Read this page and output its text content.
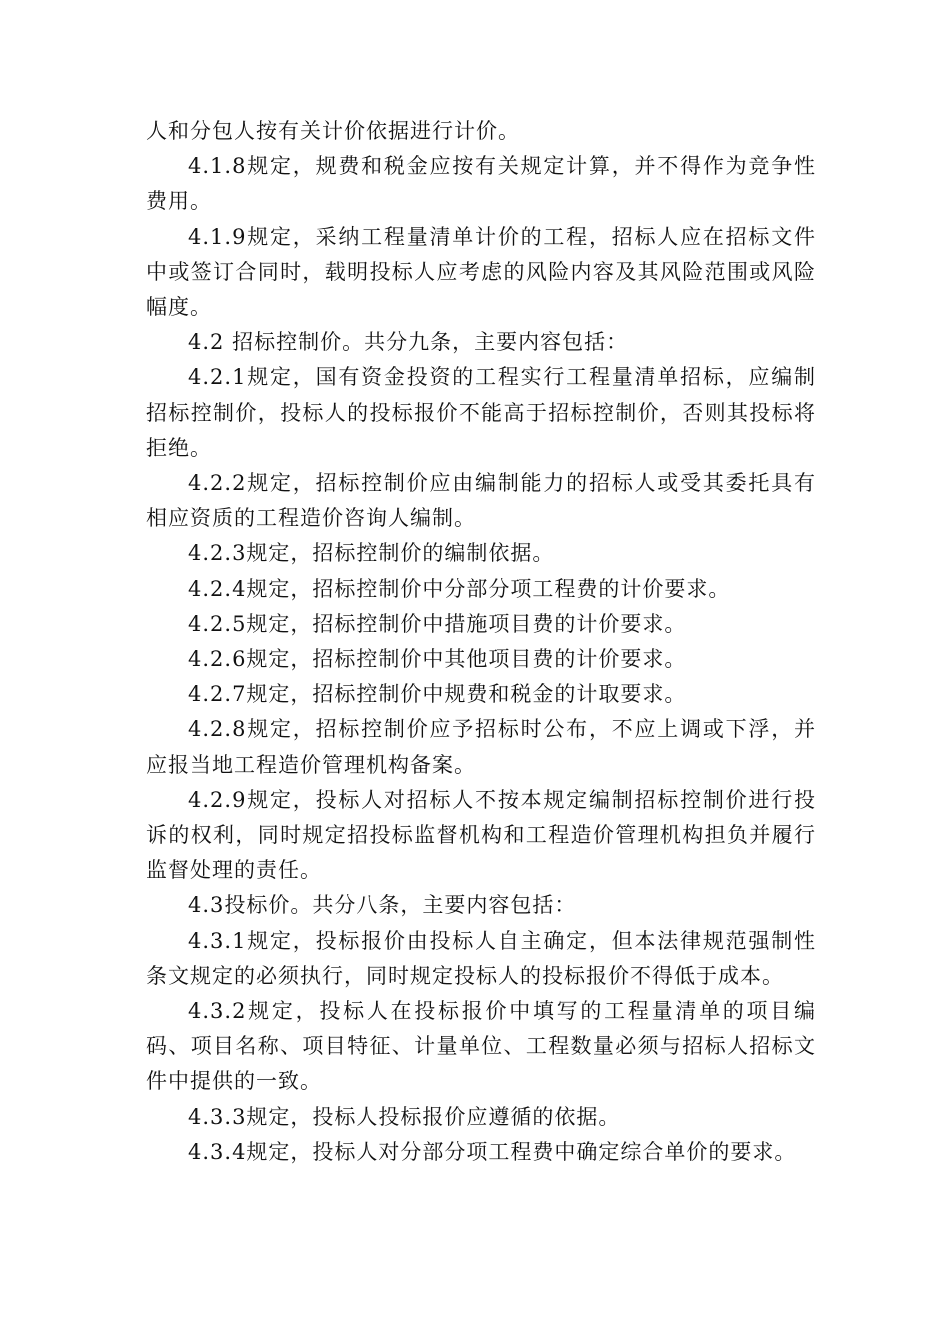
人和分包人按有关计价依据进行计价。

4.1.8规定，规费和税金应按有关规定计算，并不得作为竞争性费用。

4.1.9规定，采纳工程量清单计价的工程，招标人应在招标文件中或签订合同时，载明投标人应考虑的风险内容及其风险范围或风险幅度。

4.2 招标控制价。共分九条，主要内容包括：

4.2.1规定，国有资金投资的工程实行工程量清单招标，应编制招标控制价，投标人的投标报价不能高于招标控制价，否则其投标将拒绝。

4.2.2规定，招标控制价应由编制能力的招标人或受其委托具有相应资质的工程造价咨询人编制。

4.2.3规定，招标控制价的编制依据。

4.2.4规定，招标控制价中分部分项工程费的计价要求。

4.2.5规定，招标控制价中措施项目费的计价要求。

4.2.6规定，招标控制价中其他项目费的计价要求。

4.2.7规定，招标控制价中规费和税金的计取要求。

4.2.8规定，招标控制价应予招标时公布，不应上调或下浮，并应报当地工程造价管理机构备案。

4.2.9规定，投标人对招标人不按本规定编制招标控制价进行投诉的权利，同时规定招投标监督机构和工程造价管理机构担负并履行监督处理的责任。

4.3投标价。共分八条，主要内容包括：

4.3.1规定，投标报价由投标人自主确定，但本法律规范强制性条文规定的必须执行，同时规定投标人的投标报价不得低于成本。

4.3.2规定，投标人在投标报价中填写的工程量清单的项目编码、项目名称、项目特征、计量单位、工程数量必须与招标人招标文件中提供的一致。

4.3.3规定，投标人投标报价应遵循的依据。

4.3.4规定，投标人对分部分项工程费中确定综合单价的要求。
